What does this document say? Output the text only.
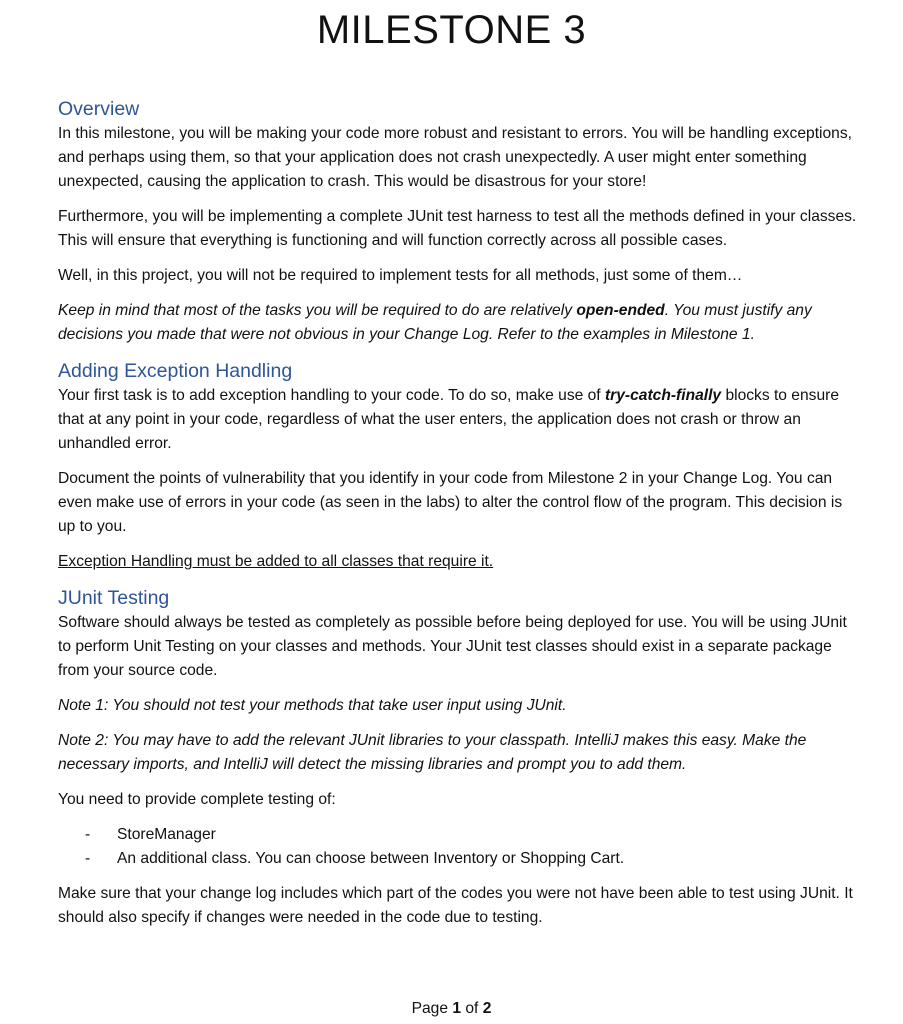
MILESTONE 3
Overview

In this milestone, you will be making your code more robust and resistant to errors. You will be handling exceptions, and perhaps using them, so that your application does not crash unexpectedly. A user might enter something unexpected, causing the application to crash. This would be disastrous for your store!

Furthermore, you will be implementing a complete JUnit test harness to test all the methods defined in your classes. This will ensure that everything is functioning and will function correctly across all possible cases.

Well, in this project, you will not be required to implement tests for all methods, just some of them…

Keep in mind that most of the tasks you will be required to do are relatively open-ended. You must justify any decisions you made that were not obvious in your Change Log. Refer to the examples in Milestone 1.

Adding Exception Handling

Your first task is to add exception handling to your code. To do so, make use of try-catch-finally blocks to ensure that at any point in your code, regardless of what the user enters, the application does not crash or throw an unhandled error.

Document the points of vulnerability that you identify in your code from Milestone 2 in your Change Log. You can even make use of errors in your code (as seen in the labs) to alter the control flow of the program. This decision is up to you.

Exception Handling must be added to all classes that require it.

JUnit Testing

Software should always be tested as completely as possible before being deployed for use. You will be using JUnit to perform Unit Testing on your classes and methods. Your JUnit test classes should exist in a separate package from your source code.

Note 1: You should not test your methods that take user input using JUnit.

Note 2: You may have to add the relevant JUnit libraries to your classpath. IntelliJ makes this easy. Make the necessary imports, and IntelliJ will detect the missing libraries and prompt you to add them.

You need to provide complete testing of:

- StoreManager
- An additional class. You can choose between Inventory or Shopping Cart.

Make sure that your change log includes which part of the codes you were not have been able to test using JUnit. It should also specify if changes were needed in the code due to testing.

Page 1 of 2
